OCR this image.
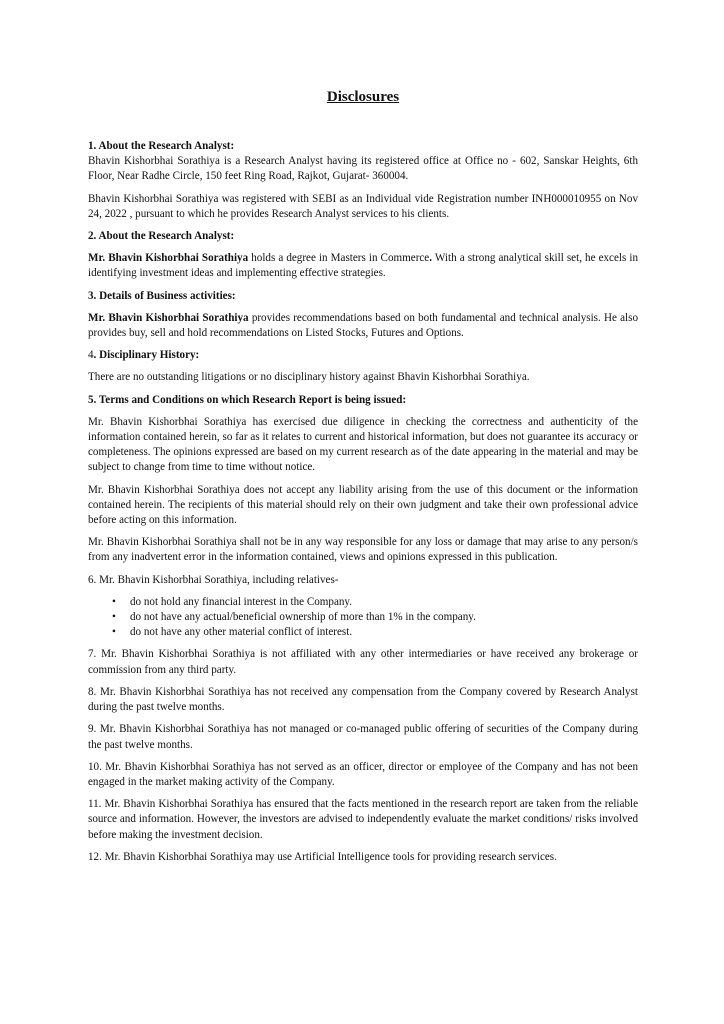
Disclosures
1. About the Research Analyst:

Bhavin Kishorbhai Sorathiya is a Research Analyst having its registered office at Office no - 602, Sanskar Heights, 6th Floor, Near Radhe Circle, 150 feet Ring Road, Rajkot, Gujarat- 360004.

Bhavin Kishorbhai Sorathiya was registered with SEBI as an Individual vide Registration number INH000010955 on Nov 24, 2022 , pursuant to which he provides Research Analyst services to his clients.

2. About the Research Analyst:

Mr. Bhavin Kishorbhai Sorathiya holds a degree in Masters in Commerce. With a strong analytical skill set, he excels in identifying investment ideas and implementing effective strategies.

3. Details of Business activities:

Mr. Bhavin Kishorbhai Sorathiya provides recommendations based on both fundamental and technical analysis. He also provides buy, sell and hold recommendations on Listed Stocks, Futures and Options.

4. Disciplinary History:

There are no outstanding litigations or no disciplinary history against Bhavin Kishorbhai Sorathiya.

5. Terms and Conditions on which Research Report is being issued:

Mr. Bhavin Kishorbhai Sorathiya has exercised due diligence in checking the correctness and authenticity of the information contained herein, so far as it relates to current and historical information, but does not guarantee its accuracy or completeness. The opinions expressed are based on my current research as of the date appearing in the material and may be subject to change from time to time without notice.

Mr. Bhavin Kishorbhai Sorathiya does not accept any liability arising from the use of this document or the information contained herein. The recipients of this material should rely on their own judgment and take their own professional advice before acting on this information.

Mr. Bhavin Kishorbhai Sorathiya shall not be in any way responsible for any loss or damage that may arise to any person/s from any inadvertent error in the information contained, views and opinions expressed in this publication.

6. Mr. Bhavin Kishorbhai Sorathiya, including relatives-

• do not hold any financial interest in the Company.
• do not have any actual/beneficial ownership of more than 1% in the company.
• do not have any other material conflict of interest.

7. Mr. Bhavin Kishorbhai Sorathiya is not affiliated with any other intermediaries or have received any brokerage or commission from any third party.

8. Mr. Bhavin Kishorbhai Sorathiya has not received any compensation from the Company covered by Research Analyst during the past twelve months.

9. Mr. Bhavin Kishorbhai Sorathiya has not managed or co-managed public offering of securities of the Company during the past twelve months.

10. Mr. Bhavin Kishorbhai Sorathiya has not served as an officer, director or employee of the Company and has not been engaged in the market making activity of the Company.

11. Mr. Bhavin Kishorbhai Sorathiya has ensured that the facts mentioned in the research report are taken from the reliable source and information. However, the investors are advised to independently evaluate the market conditions/ risks involved before making the investment decision.

12. Mr. Bhavin Kishorbhai Sorathiya may use Artificial Intelligence tools for providing research services.
